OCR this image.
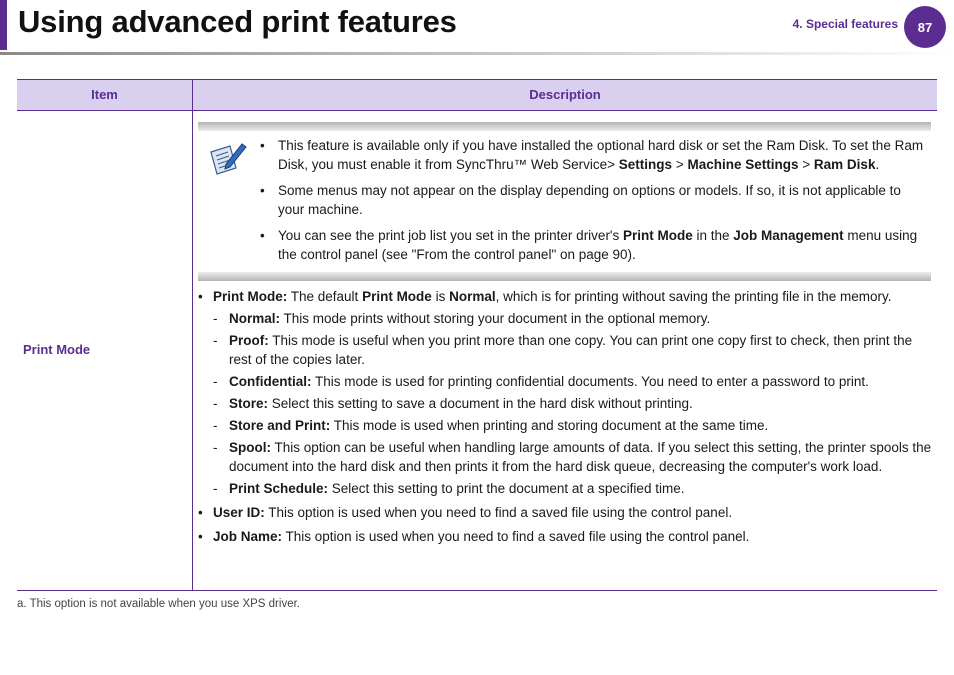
Using advanced print features	4. Special features 87
Item	Description
Print Mode
• This feature is available only if you have installed the optional hard disk or set the Ram Disk. To set the Ram Disk, you must enable it from SyncThru™ Web Service> Settings > Machine Settings > Ram Disk.
• Some menus may not appear on the display depending on options or models. If so, it is not applicable to your machine.
• You can see the print job list you set in the printer driver's Print Mode in the Job Management menu using the control panel (see "From the control panel" on page 90).
• Print Mode: The default Print Mode is Normal, which is for printing without saving the printing file in the memory.
- Normal: This mode prints without storing your document in the optional memory.
- Proof: This mode is useful when you print more than one copy. You can print one copy first to check, then print the rest of the copies later.
- Confidential: This mode is used for printing confidential documents. You need to enter a password to print.
- Store: Select this setting to save a document in the hard disk without printing.
- Store and Print: This mode is used when printing and storing document at the same time.
- Spool: This option can be useful when handling large amounts of data. If you select this setting, the printer spools the document into the hard disk and then prints it from the hard disk queue, decreasing the computer's work load.
- Print Schedule: Select this setting to print the document at a specified time.
• User ID: This option is used when you need to find a saved file using the control panel.
• Job Name: This option is used when you need to find a saved file using the control panel.
a. This option is not available when you use XPS driver.
